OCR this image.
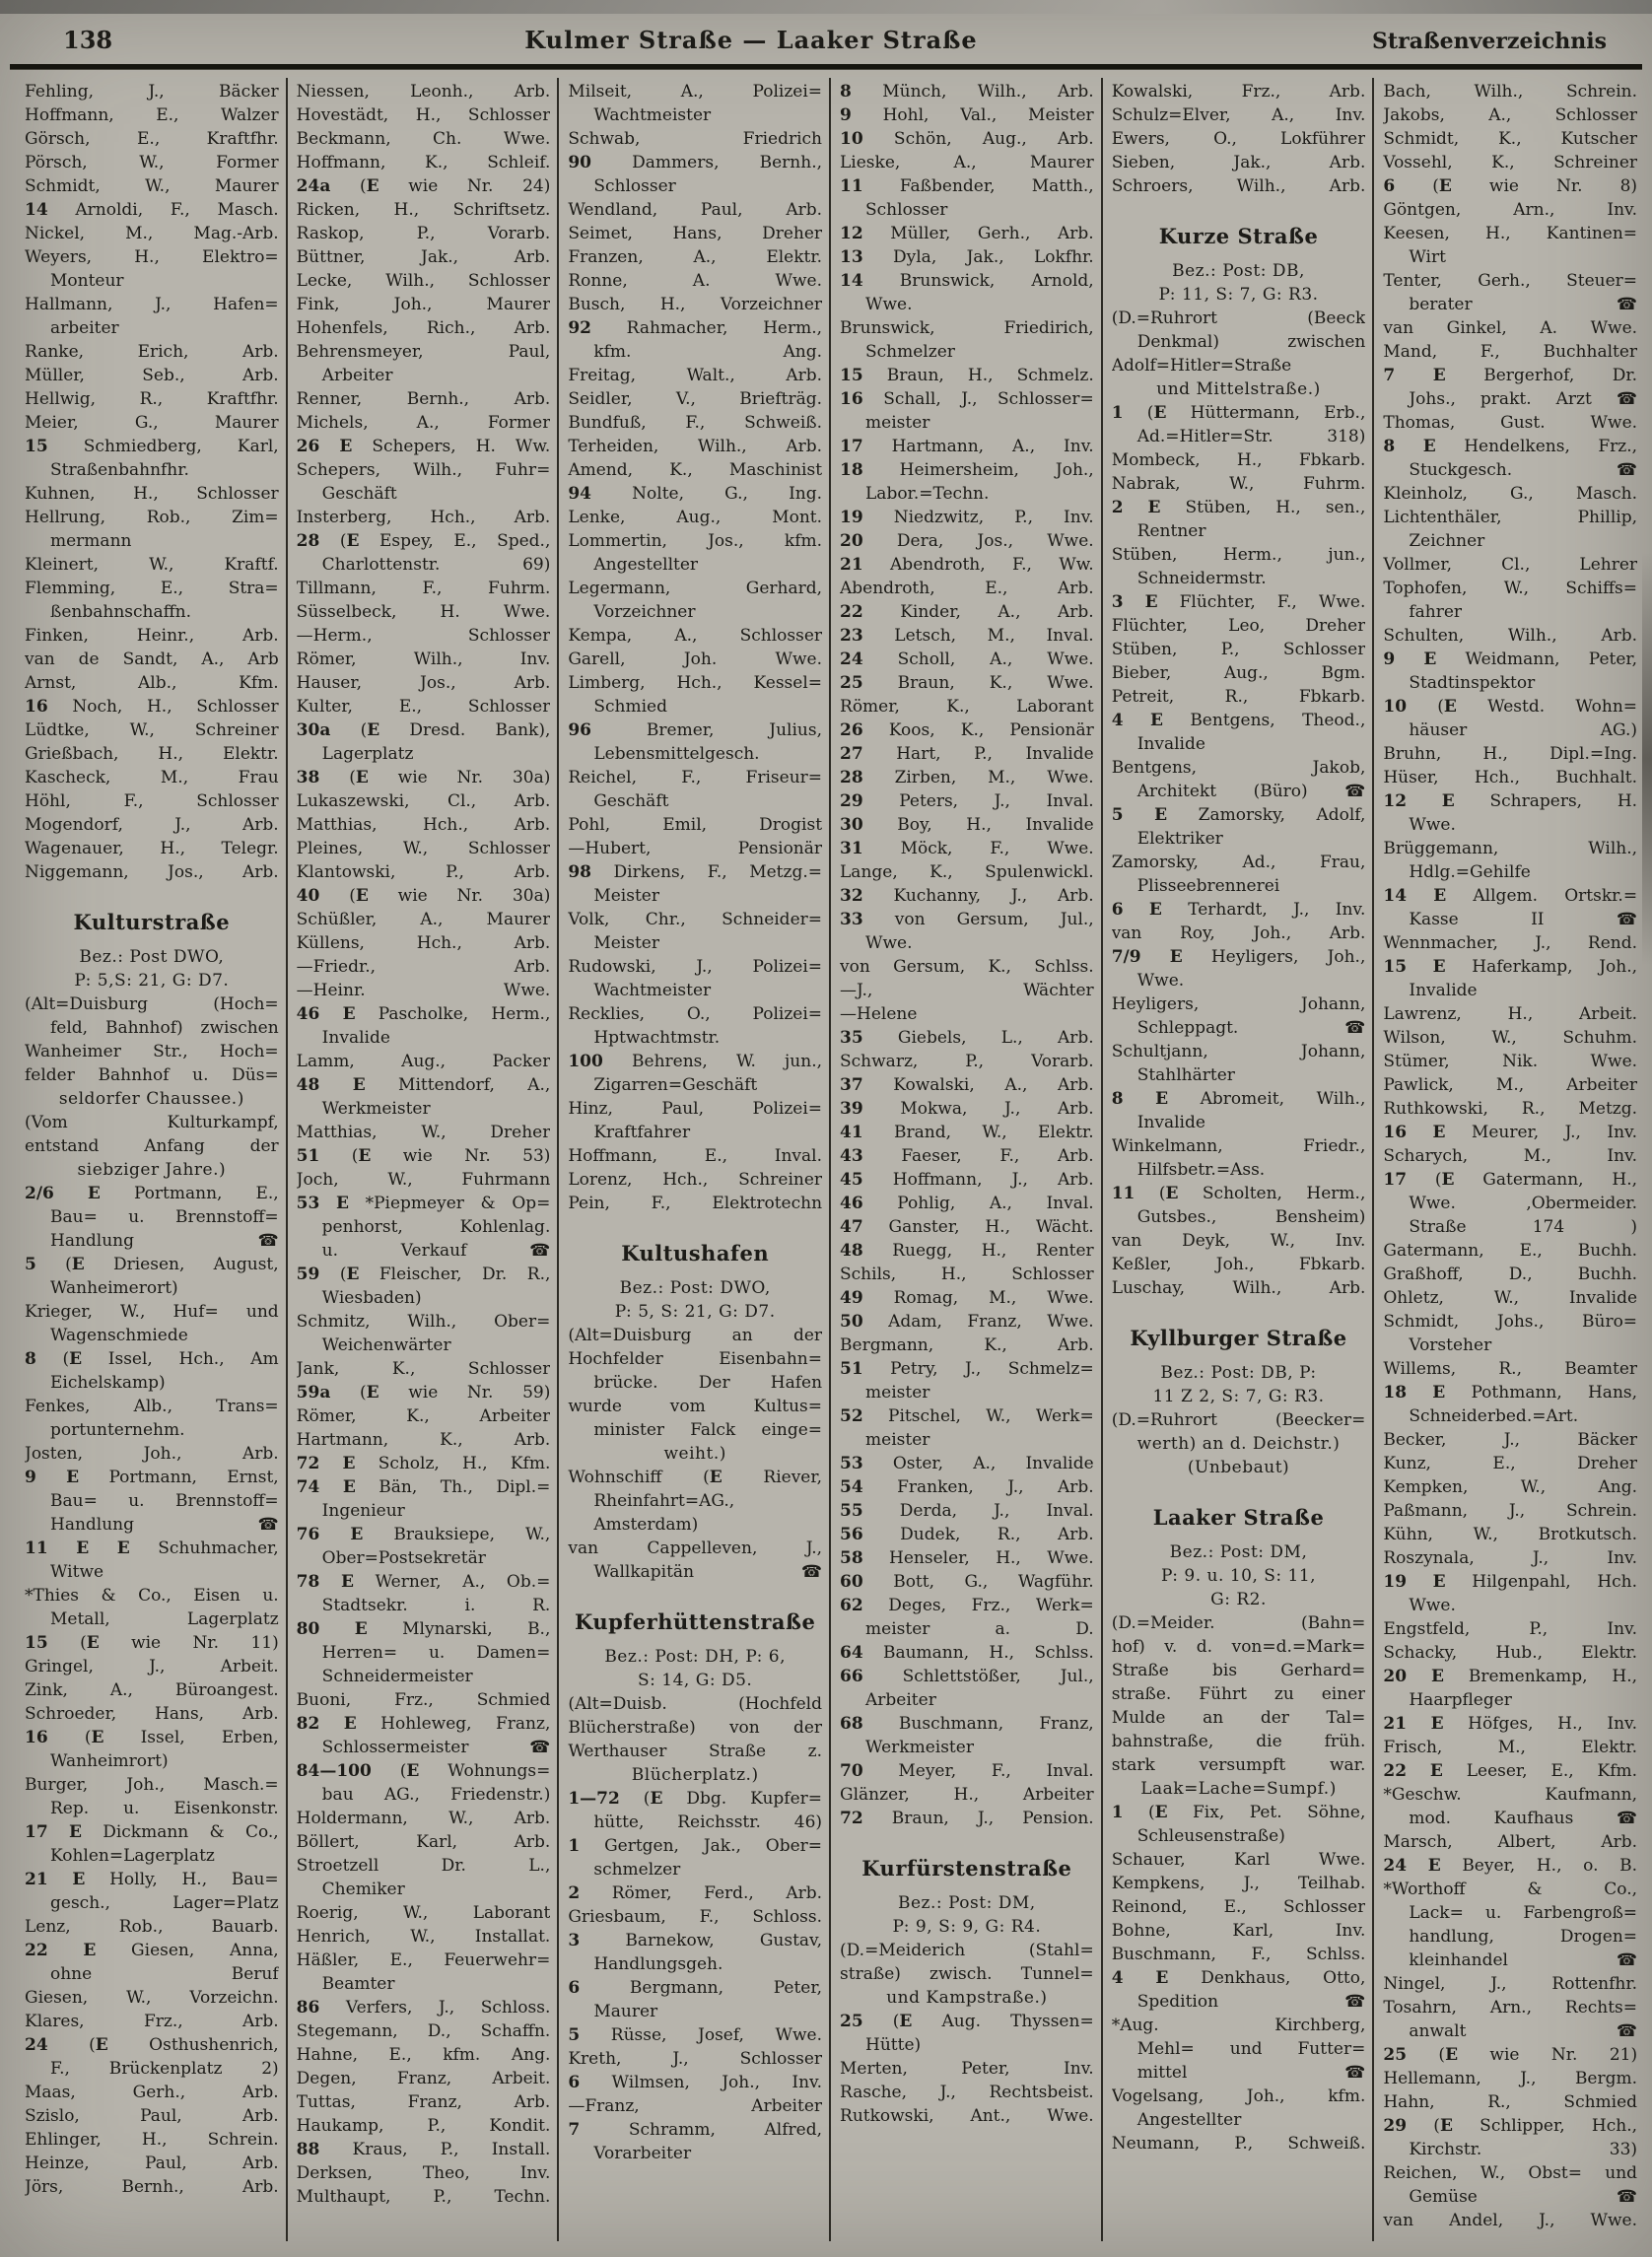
138	Kulmer Straße — Laaker Straße	Straßenverzeichnis
Fehling,	J.,	Bäcker
Hoffmann,	E.,	Walzer
Görsch,	E.,	Kraftfhr.
Pörsch,	W.,	Former
Schmidt,	W.,	Maurer
14 Arnoldi, F., Masch.
Nickel, M., Mag.-Arb.
Weyers,	H.,	Elektro=
Monteur
Hallmann,	J.,	Hafen=
arbeiter
Ranke,	Erich,	Arb.
Müller,	Seb.,	Arb.
Hellwig,	R.,	Kraftfhr.
Meier,	G.,	Maurer
15 Schmiedberg, Karl,
Straßenbahnfhr.
Kuhnen, H., Schlosser
Hellrung, Rob., Zim=
mermann
Kleinert,	W.,	Kraftf.
Flemming,	E.,	Stra=
ßenbahnschaffn.
Finken,	Heinr.,	Arb.
van de Sandt, A., Arb
Arnst,	Alb.,	Kfm.
16 Noch, H., Schlosser
Lüdtke, W., Schreiner
Grießbach, H., Elektr.
Kascheck,	M.,	Frau
Höhl,	F.,	Schlosser
Mogendorf,	J.,	Arb.
Wagenauer, H., Telegr.
Niggemann, Jos., Arb.
Kulturstraße
Bez.: Post DWO,
P: 5,S: 21, G: D7.
(Alt=Duisburg	(Hoch=
feld, Bahnhof) zwischen
Wanheimer Str., Hoch=
felder Bahnhof u. Düs=
seldorfer Chaussee.)
(Vom	Kulturkampf,
entstand	Anfang	der
siebziger Jahre.)
2/6 E Portmann, E.,
Bau= u. Brennstoff=
Handlung	☎
5 (E Driesen, August,
Wanheimerort)
Krieger, W., Huf= und
Wagenschmiede
8 (E Issel, Hch., Am
Eichelskamp)
Fenkes,	Alb.,	Trans=
portunternehm.
Josten,	Joh.,	Arb.
9 E Portmann, Ernst,
Bau= u. Brennstoff=
Handlung	☎
11 E E Schuhmacher,
Witwe
*Thies & Co., Eisen u.
Metall,	Lagerplatz
15 (E wie Nr. 11)
Gringel,	J.,	Arbeit.
Zink,	A.,	Büroangest.
Schroeder, Hans, Arb.
16 (E Issel, Erben,
Wanheimrort)
Burger, Joh., Masch.=
Rep. u. Eisenkonstr.
17 E Dickmann & Co.,
Kohlen=Lagerplatz
21 E Holly, H., Bau=
gesch.,	Lager=Platz
Lenz,	Rob.,	Bauarb.
22 E Giesen, Anna,
ohne	Beruf
Giesen, W., Vorzeichn.
Klares,	Frz.,	Arb.
24 (E Osthushenrich,
F., Brückenplatz 2)
Maas,	Gerh.,	Arb.
Szislo,	Paul,	Arb.
Ehlinger, H., Schrein.
Heinze,	Paul,	Arb.
Jörs,	Bernh.,	Arb.
Niessen, Leonh., Arb.
Hovestädt, H., Schlosser
Beckmann, Ch. Wwe.
Hoffmann, K., Schleif.
24a (E wie Nr. 24)
Ricken, H., Schriftsetz.
Raskop,	P.,	Vorarb.
Büttner,	Jak.,	Arb.
Lecke, Wilh., Schlosser
Fink,	Joh.,	Maurer
Hohenfels, Rich., Arb.
Behrensmeyer,	Paul,
Arbeiter
Renner,	Bernh.,	Arb.
Michels,	A.,	Former
26 E Schepers, H. Ww.
Schepers, Wilh., Fuhr=
Geschäft
Insterberg, Hch., Arb.
28 (E Espey, E., Sped.,
Charlottenstr.	69)
Tillmann,	F.,	Fuhrm.
Süsselbeck,	H.	Wwe.
—Herm.,	Schlosser
Römer,	Wilh.,	Inv.
Hauser,	Jos.,	Arb.
Kulter,	E.,	Schlosser
30a (E Dresd. Bank),
Lagerplatz
38 (E wie Nr. 30a)
Lukaszewski, Cl., Arb.
Matthias,	Hch.,	Arb.
Pleines, W., Schlosser
Klantowski,	P.,	Arb.
40 (E wie Nr. 30a)
Schüßler,	A.,	Maurer
Küllens,	Hch.,	Arb.
—Friedr.,	Arb.
—Heinr.	Wwe.
46 E Pascholke, Herm.,
Invalide
Lamm,	Aug.,	Packer
48 E Mittendorf, A.,
Werkmeister
Matthias,	W.,	Dreher
51 (E wie Nr. 53)
Joch,	W.,	Fuhrmann
53 E *Piepmeyer & Op=
penhorst,	Kohlenlag.
u.	Verkauf	☎
59 (E Fleischer, Dr. R.,
Wiesbaden)
Schmitz, Wilh., Ober=
Weichenwärter
Jank,	K.,	Schlosser
59a (E wie Nr. 59)
Römer,	K.,	Arbeiter
Hartmann,	K.,	Arb.
72 E Scholz, H., Kfm.
74 E Bän, Th., Dipl.=
Ingenieur
76 E Brauksiepe, W.,
Ober=Postsekretär
78 E Werner, A., Ob.=
Stadtsekr.	i.	R.
80 E Mlynarski, B.,
Herren= u. Damen=
Schneidermeister
Buoni,	Frz.,	Schmied
82 E Hohleweg, Franz,
Schlossermeister	☎
84—100 (E Wohnungs=
bau AG., Friedenstr.)
Holdermann, W., Arb.
Böllert,	Karl,	Arb.
Stroetzell	Dr.	L.,
Chemiker
Roerig,	W.,	Laborant
Henrich, W., Installat.
Häßler, E., Feuerwehr=
Beamter
86 Verfers, J., Schloss.
Stegemann, D., Schaffn.
Hahne, E., kfm. Ang.
Degen, Franz, Arbeit.
Tuttas,	Franz,	Arb.
Haukamp,	P.,	Kondit.
88 Kraus, P., Install.
Derksen,	Theo,	Inv.
Multhaupt,	P.,	Techn.
Milseit,	A.,	Polizei=
Wachtmeister
Schwab,	Friedrich
90 Dammers, Bernh.,
Schlosser
Wendland,	Paul,	Arb.
Seimet, Hans, Dreher
Franzen,	A.,	Elektr.
Ronne,	A.	Wwe.
Busch, H., Vorzeichner
92 Rahmacher, Herm.,
kfm.	Ang.
Freitag,	Walt.,	Arb.
Seidler,	V.,	Briefträg.
Bundfuß, F., Schweiß.
Terheiden, Wilh., Arb.
Amend, K., Maschinist
94 Nolte, G., Ing.
Lenke,	Aug.,	Mont.
Lommertin, Jos., kfm.
Angestellter
Legermann,	Gerhard,
Vorzeichner
Kempa,	A.,	Schlosser
Garell,	Joh.	Wwe.
Limberg, Hch., Kessel=
Schmied
96	Bremer,	Julius,
Lebensmittelgesch.
Reichel,	F.,	Friseur=
Geschäft
Pohl,	Emil,	Drogist
—Hubert,	Pensionär
98 Dirkens, F., Metzg.=
Meister
Volk, Chr., Schneider=
Meister
Rudowski, J., Polizei=
Wachtmeister
Recklies,	O.,	Polizei=
Hptwachtmstr.
100 Behrens, W. jun.,
Zigarren=Geschäft
Hinz,	Paul,	Polizei=
Kraftfahrer
Hoffmann,	E.,	Inval.
Lorenz, Hch., Schreiner
Pein, F., Elektrotechn
Kultushafen
Bez.: Post: DWO,
P: 5, S: 21, G: D7.
(Alt=Duisburg an der
Hochfelder	Eisenbahn=
brücke. Der Hafen
wurde	vom	Kultus=
minister Falck einge=
weiht.)
Wohnschiff (E Riever,
Rheinfahrt=AG.,
Amsterdam)
van	Cappelleven,	J.,
Wallkapitän	☎
Kupferhüttenstraße
Bez.: Post: DH, P: 6,
S: 14, G: D5.
(Alt=Duisb.	(Hochfeld
Blücherstraße) von der
Werthauser	Straße	z.
Blücherplatz.)
1—72 (E Dbg. Kupfer=
hütte, Reichsstr. 46)
1 Gertgen, Jak., Ober=
schmelzer
2 Römer, Ferd., Arb.
Griesbaum, F., Schloss.
3	Barnekow,	Gustav,
Handlungsgeh.
6	Bergmann,	Peter,
Maurer
5 Rüsse, Josef, Wwe.
Kreth,	J.,	Schlosser
6 Wilmsen, Joh., Inv.
—Franz,	Arbeiter
7	Schramm,	Alfred,
Vorarbeiter
8 Münch, Wilh., Arb.
9 Hohl, Val., Meister
10 Schön, Aug., Arb.
Lieske,	A.,	Maurer
11 Faßbender, Matth.,
Schlosser
12 Müller, Gerh., Arb.
13 Dyla, Jak., Lokfhr.
14 Brunswick, Arnold,
Wwe.
Brunswick,	Friedirich,
Schmelzer
15 Braun, H., Schmelz.
16 Schall, J., Schlosser=
meister
17 Hartmann, A., Inv.
18 Heimersheim, Joh.,
Labor.=Techn.
19 Niedzwitz, P., Inv.
20 Dera, Jos., Wwe.
21 Abendroth, F., Ww.
Abendroth,	E.,	Arb.
22 Kinder, A., Arb.
23 Letsch, M., Inval.
24 Scholl, A., Wwe.
25 Braun, K., Wwe.
Römer,	K.,	Laborant
26 Koos, K., Pensionär
27 Hart, P., Invalide
28 Zirben, M., Wwe.
29 Peters, J., Inval.
30 Boy, H., Invalide
31 Möck, F., Wwe.
Lange, K., Spulenwickl.
32 Kuchanny, J., Arb.
33 von Gersum, Jul.,
Wwe.
von Gersum, K., Schlss.
—J.,	Wächter
—Helene
35 Giebels, L., Arb.
Schwarz,	P.,	Vorarb.
37 Kowalski, A., Arb.
39 Mokwa, J., Arb.
41 Brand, W., Elektr.
43 Faeser, F., Arb.
45 Hoffmann, J., Arb.
46 Pohlig, A., Inval.
47 Ganster, H., Wächt.
48 Ruegg, H., Renter
Schils,	H.,	Schlosser
49 Romag, M., Wwe.
50 Adam, Franz, Wwe.
Bergmann,	K.,	Arb.
51 Petry, J., Schmelz=
meister
52 Pitschel, W., Werk=
meister
53 Oster, A., Invalide
54 Franken, J., Arb.
55 Derda, J., Inval.
56 Dudek, R., Arb.
58 Henseler, H., Wwe.
60 Bott, G., Wagführ.
62 Deges, Frz., Werk=
meister	a.	D.
64 Baumann, H., Schlss.
66 Schlettstößer, Jul.,
Arbeiter
68 Buschmann, Franz,
Werkmeister
70 Meyer, F., Inval.
Glänzer,	H.,	Arbeiter
72 Braun, J., Pension.
Kurfürstenstraße
Bez.: Post: DM,
P: 9, S: 9, G: R4.
(D.=Meiderich	(Stahl=
straße) zwisch. Tunnel=
und Kampstraße.)
25 (E Aug. Thyssen=
Hütte)
Merten,	Peter,	Inv.
Rasche, J., Rechtsbeist.
Rutkowski, Ant., Wwe.
Kowalski,	Frz.,	Arb.
Schulz=Elver, A., Inv.
Ewers,	O.,	Lokführer
Sieben,	Jak.,	Arb.
Schroers,	Wilh.,	Arb.
Kurze Straße
Bez.: Post: DB,
P: 11, S: 7, G: R3.
(D.=Ruhrort	(Beeck
Denkmal)	zwischen
Adolf=Hitler=Straße
und Mittelstraße.)
1 (E Hüttermann, Erb.,
Ad.=Hitler=Str.	318)
Mombeck, H., Fbkarb.
Nabrak,	W.,	Fuhrm.
2 E Stüben, H., sen.,
Rentner
Stüben,	Herm.,	jun.,
Schneidermstr.
3 E Flüchter, F., Wwe.
Flüchter, Leo, Dreher
Stüben,	P.,	Schlosser
Bieber,	Aug.,	Bgm.
Petreit,	R.,	Fbkarb.
4 E Bentgens, Theod.,
Invalide
Bentgens,	Jakob,
Architekt (Büro) ☎
5 E Zamorsky, Adolf,
Elektriker
Zamorsky,	Ad.,	Frau,
Plisseebrennerei
6 E Terhardt, J., Inv.
van Roy, Joh., Arb.
7/9 E Heyligers, Joh.,
Wwe.
Heyligers,	Johann,
Schleppagt.	☎
Schultjann,	Johann,
Stahlhärter
8 E Abromeit, Wilh.,
Invalide
Winkelmann,	Friedr.,
Hilfsbetr.=Ass.
11 (E Scholten, Herm.,
Gutsbes.,	Bensheim)
van Deyk, W., Inv.
Keßler,	Joh.,	Fbkarb.
Luschay,	Wilh.,	Arb.
Kyllburger Straße
Bez.: Post: DB, P:
11 Z 2, S: 7, G: R3.
(D.=Ruhrort	(Beecker=
werth) an d. Deichstr.)
(Unbebaut)
Laaker Straße
Bez.: Post: DM,
P: 9. u. 10, S: 11,
G: R2.
(D.=Meider.	(Bahn=
hof) v. d. von=d.=Mark=
Straße	bis	Gerhard=
straße. Führt zu einer
Mulde an der Tal=
bahnstraße,	die	früh.
stark	versumpft	war.
Laak=Lache=Sumpf.)
1 (E Fix, Pet. Söhne,
Schleusenstraße)
Schauer,	Karl	Wwe.
Kempkens, J., Teilhab.
Reinond, E., Schlosser
Bohne,	Karl,	Inv.
Buschmann, F., Schlss.
4 E Denkhaus, Otto,
Spedition	☎
*Aug.	Kirchberg,
Mehl= und Futter=
mittel	☎
Vogelsang,	Joh.,	kfm.
Angestellter
Neumann, P., Schweiß.
Bach,	Wilh.,	Schrein.
Jakobs,	A.,	Schlosser
Schmidt, K., Kutscher
Vossehl, K., Schreiner
6 (E wie Nr. 8)
Göntgen,	Arn.,	Inv.
Keesen, H., Kantinen=
Wirt
Tenter, Gerh., Steuer=
berater	☎
van Ginkel, A. Wwe.
Mand,	F.,	Buchhalter
7 E Bergerhof, Dr.
Johs., prakt. Arzt ☎
Thomas,	Gust.	Wwe.
8 E Hendelkens, Frz.,
Stuckgesch.	☎
Kleinholz,	G.,	Masch.
Lichtenthäler,	Phillip,
Zeichner
Vollmer,	Cl.,	Lehrer
Tophofen, W., Schiffs=
fahrer
Schulten,	Wilh.,	Arb.
9 E Weidmann, Peter,
Stadtinspektor
10 (E Westd. Wohn=
häuser	AG.)
Bruhn, H., Dipl.=Ing.
Hüser, Hch., Buchhalt.
12 E Schrapers, H.
Wwe.
Brüggemann,	Wilh.,
Hdlg.=Gehilfe
14 E Allgem. Ortskr.=
Kasse	II	☎
Wennmacher, J., Rend.
15 E Haferkamp, Joh.,
Invalide
Lawrenz,	H.,	Arbeit.
Wilson,	W.,	Schuhm.
Stümer,	Nik.	Wwe.
Pawlick,	M.,	Arbeiter
Ruthkowski, R., Metzg.
16 E Meurer, J., Inv.
Scharych,	M.,	Inv.
17 (E Gatermann, H.,
Wwe.	,Obermeider.
Straße	174	)
Gatermann, E., Buchh.
Graßhoff,	D.,	Buchh.
Ohletz,	W.,	Invalide
Schmidt, Johs., Büro=
Vorsteher
Willems,	R.,	Beamter
18 E Pothmann, Hans,
Schneiderbed.=Art.
Becker,	J.,	Bäcker
Kunz,	E.,	Dreher
Kempken,	W.,	Ang.
Paßmann, J., Schrein.
Kühn, W., Brotkutsch.
Roszynala,	J.,	Inv.
19 E Hilgenpahl, Hch.
Wwe.
Engstfeld,	P.,	Inv.
Schacky, Hub., Elektr.
20 E Bremenkamp, H.,
Haarpfleger
21 E Höfges, H., Inv.
Frisch,	M.,	Elektr.
22 E Leeser, E., Kfm.
*Geschw.	Kaufmann,
mod.	Kaufhaus	☎
Marsch,	Albert,	Arb.
24 E Beyer, H., o. B.
*Worthoff	&	Co.,
Lack= u. Farbengroß=
handlung,	Drogen=
kleinhandel	☎
Ningel,	J.,	Rottenfhr.
Tosahrn, Arn., Rechts=
anwalt	☎
25 (E wie Nr. 21)
Hellemann, J., Bergm.
Hahn,	R.,	Schmied
29 (E Schlipper, Hch.,
Kirchstr.	33)
Reichen, W., Obst= und
Gemüse	☎
van Andel, J., Wwe.
